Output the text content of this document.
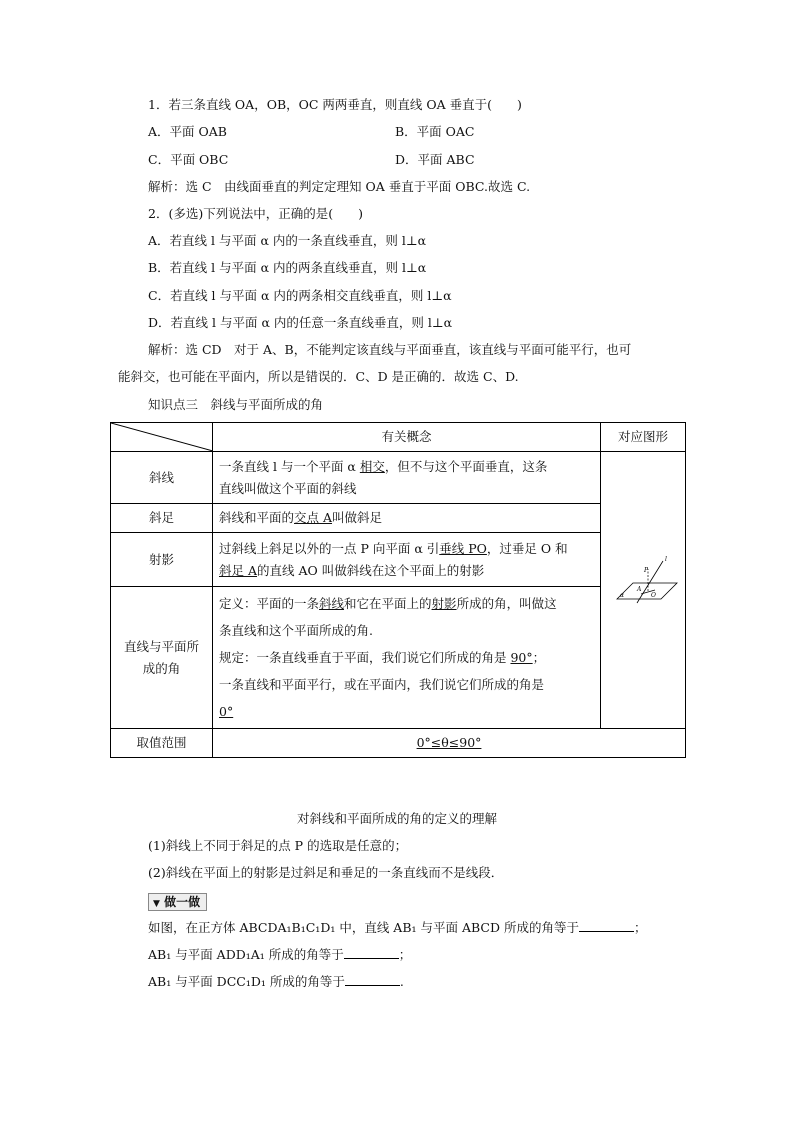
1．若三条直线 OA，OB，OC 两两垂直，则直线 OA 垂直于(　　)
A．平面 OAB	B．平面 OAC
C．平面 OBC	D．平面 ABC
解析：选 C　由线面垂直的判定定理知 OA 垂直于平面 OBC.故选 C.
2．(多选)下列说法中，正确的是(　　)
A．若直线 l 与平面 α 内的一条直线垂直，则 l⊥α
B．若直线 l 与平面 α 内的两条直线垂直，则 l⊥α
C．若直线 l 与平面 α 内的两条相交直线垂直，则 l⊥α
D．若直线 l 与平面 α 内的任意一条直线垂直，则 l⊥α
解析：选 CD　对于 A、B，不能判定该直线与平面垂直，该直线与平面可能平行，也可
能斜交，也可能在平面内，所以是错误的．C、D 是正确的．故选 C、D.
知识点三　斜线与平面所成的角
	有关概念	对应图形
斜线	一条直线 l 与一个平面 α 相交，但不与这个平面垂直，这条
直线叫做这个平面的斜线	l
P
A
O
α

斜足	斜线和平面的交点 A叫做斜足	
射影	过斜线上斜足以外的一点 P 向平面 α 引垂线 PO，过垂足 O 和
斜足 A的直线 AO 叫做斜线在这个平面上的射影	
直线与平面所
成的角	定义：平面的一条斜线和它在平面上的射影所成的角，叫做这
条直线和这个平面所成的角.
规定：一条直线垂直于平面，我们说它们所成的角是 90°；
一条直线和平面平行，或在平面内，我们说它们所成的角是
0°	
取值范围	0°≤θ≤90°	
对斜线和平面所成的角的定义的理解
(1)斜线上不同于斜足的点 P 的选取是任意的；
(2)斜线在平面上的射影是过斜足和垂足的一条直线而不是线段．
▼ 做一做
如图，在正方体 ABCDA₁B₁C₁D₁ 中，直线 AB₁ 与平面 ABCD 所成的角等于	；
AB₁ 与平面 ADD₁A₁ 所成的角等于	；
AB₁ 与平面 DCC₁D₁ 所成的角等于	.
